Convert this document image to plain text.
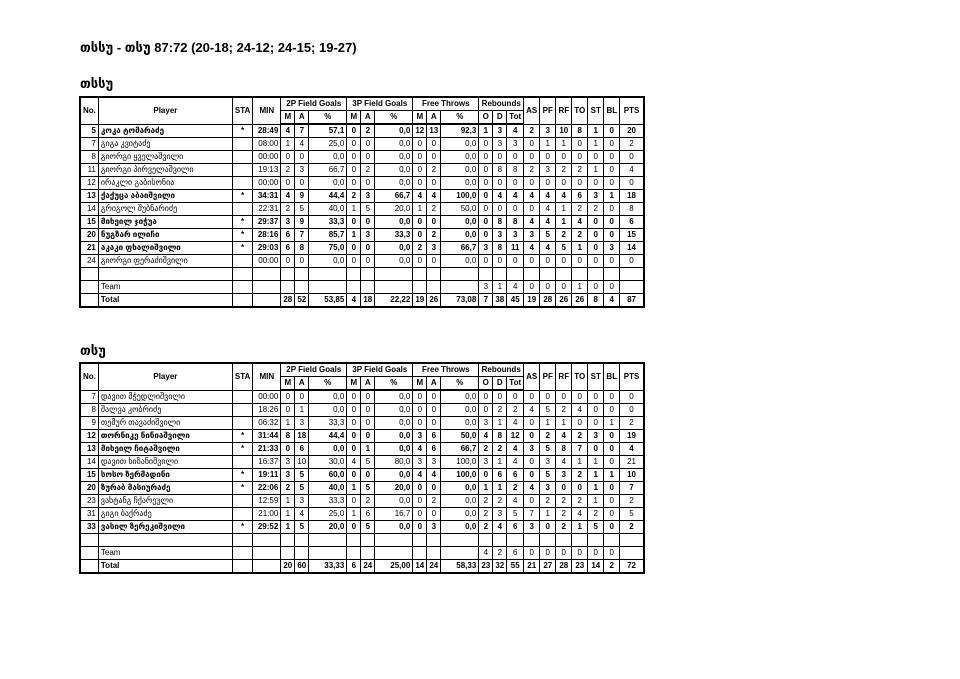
თსსუ - თსუ 87:72 (20-18; 24-12; 24-15; 19-27)
თსსუ
No.	Player	STA	MIN	2P Field Goals			3P Field Goals			Free Throws			Rebounds			AS	PF	RF	TO	ST	BL	PTS
				M	A	%	M	A	%	M	A	%	O	D	Tot							
5	კოკა ტომარაძე	*	28:49	4	7	57,1	0	2	0,0	12	13	92,3	1	3	4	2	3	10	8	1	0	20
7	გიგა კვიტაძე		08:00	1	4	25,0	0	0	0,0	0	0	0,0	0	3	3	0	1	1	0	1	0	2
8	გიორგი ყველაშვილი		00:00	0	0	0,0	0	0	0,0	0	0	0,0	0	0	0	0	0	0	0	0	0	0
11	გიორგი პირველაშვილი		19:13	2	3	66,7	0	2	0,0	0	2	0,0	0	8	8	2	3	2	2	1	0	4
12	ირაკლი გაბისონია		00:00	0	0	0,0	0	0	0,0	0	0	0,0	0	0	0	0	0	0	0	0	0	0
13	ქაქუცა აბაიშვილი	*	34:31	4	9	44,4	2	3	66,7	4	4	100,0	0	4	4	4	4	4	6	3	1	18
14	გრიგოლ შუბნარიძე		22:31	2	5	40,0	1	5	20,0	1	2	50,0	0	0	0	0	4	1	2	2	0	8
15	მიხეილ ჯიჭუა	*	29:37	3	9	33,3	0	0	0,0	0	0	0,0	0	8	8	4	4	1	4	0	0	6
20	ნუგზარ ილიჩი	*	28:16	6	7	85,7	1	3	33,3	0	2	0,0	0	3	3	3	5	2	2	0	0	15
21	აკაკი ფხალიშვილი	*	29:03	6	8	75,0	0	0	0,0	2	3	66,7	3	8	11	4	4	5	1	0	3	14
24	გიორგი ფერაძიშვილი		00:00	0	0	0,0	0	0	0,0	0	0	0,0	0	0	0	0	0	0	0	0	0	0

	Team												3	1	4	0	0	0	1	0	0	
	Total			28	52	53,85	4	18	22,22	19	26	73,08	7	38	45	19	28	26	26	8	4	87
თსუ
No.	Player	STA	MIN	2P Field Goals			3P Field Goals			Free Throws			Rebounds			AS	PF	RF	TO	ST	BL	PTS
				M	A	%	M	A	%	M	A	%	O	D	Tot							
7	დავით მჭედლიშვილი		00:00	0	0	0,0	0	0	0,0	0	0	0,0	0	0	0	0	0	0	0	0	0	0
8	შალვა კობრიძე		18:26	0	1	0,0	0	0	0,0	0	0	0,0	0	2	2	4	5	2	4	0	0	0
9	თემურ თავაძიშვილი		06:32	1	3	33,3	0	0	0,0	0	0	0,0	3	1	4	0	1	1	0	0	1	2
12	თორნიკე ნინიაშვილი	*	31:44	8	18	44,4	0	0	0,0	3	6	50,0	4	8	12	0	2	4	2	3	0	19
13	მიხეილ ჩიტაშვილი	*	21:33	0	6	0,0	0	1	0,0	4	6	66,7	2	2	4	3	5	8	7	0	0	4
14	დავით ხიზანიშვილი		16:37	3	10	30,0	4	5	80,0	3	3	100,0	3	1	4	0	3	4	1	1	0	21
15	სოსო ზერმადინი	*	19:11	3	5	60,0	0	0	0,0	4	4	100,0	0	6	6	0	5	3	2	1	1	10
20	ზურაბ მასიურაძე	*	22:06	2	5	40,0	1	5	20,0	0	0	0,0	1	1	2	4	3	0	0	1	0	7
23	ვახტანგ ჩქარეული		12:59	1	3	33,3	0	2	0,0	0	2	0,0	2	2	4	0	2	2	2	1	0	2
31	გიგი ბაქრაძე		21:00	1	4	25,0	1	6	16,7	0	0	0,0	2	3	5	7	1	2	4	2	0	5
33	ვასილ ზერეკიშვილი	*	29:52	1	5	20,0	0	5	0,0	0	3	0,0	2	4	6	3	0	2	1	5	0	2

	Team												4	2	6	0	0	0	0	0	0	
	Total			20	60	33,33	6	24	25,00	14	24	58,33	23	32	55	21	27	28	23	14	2	72
